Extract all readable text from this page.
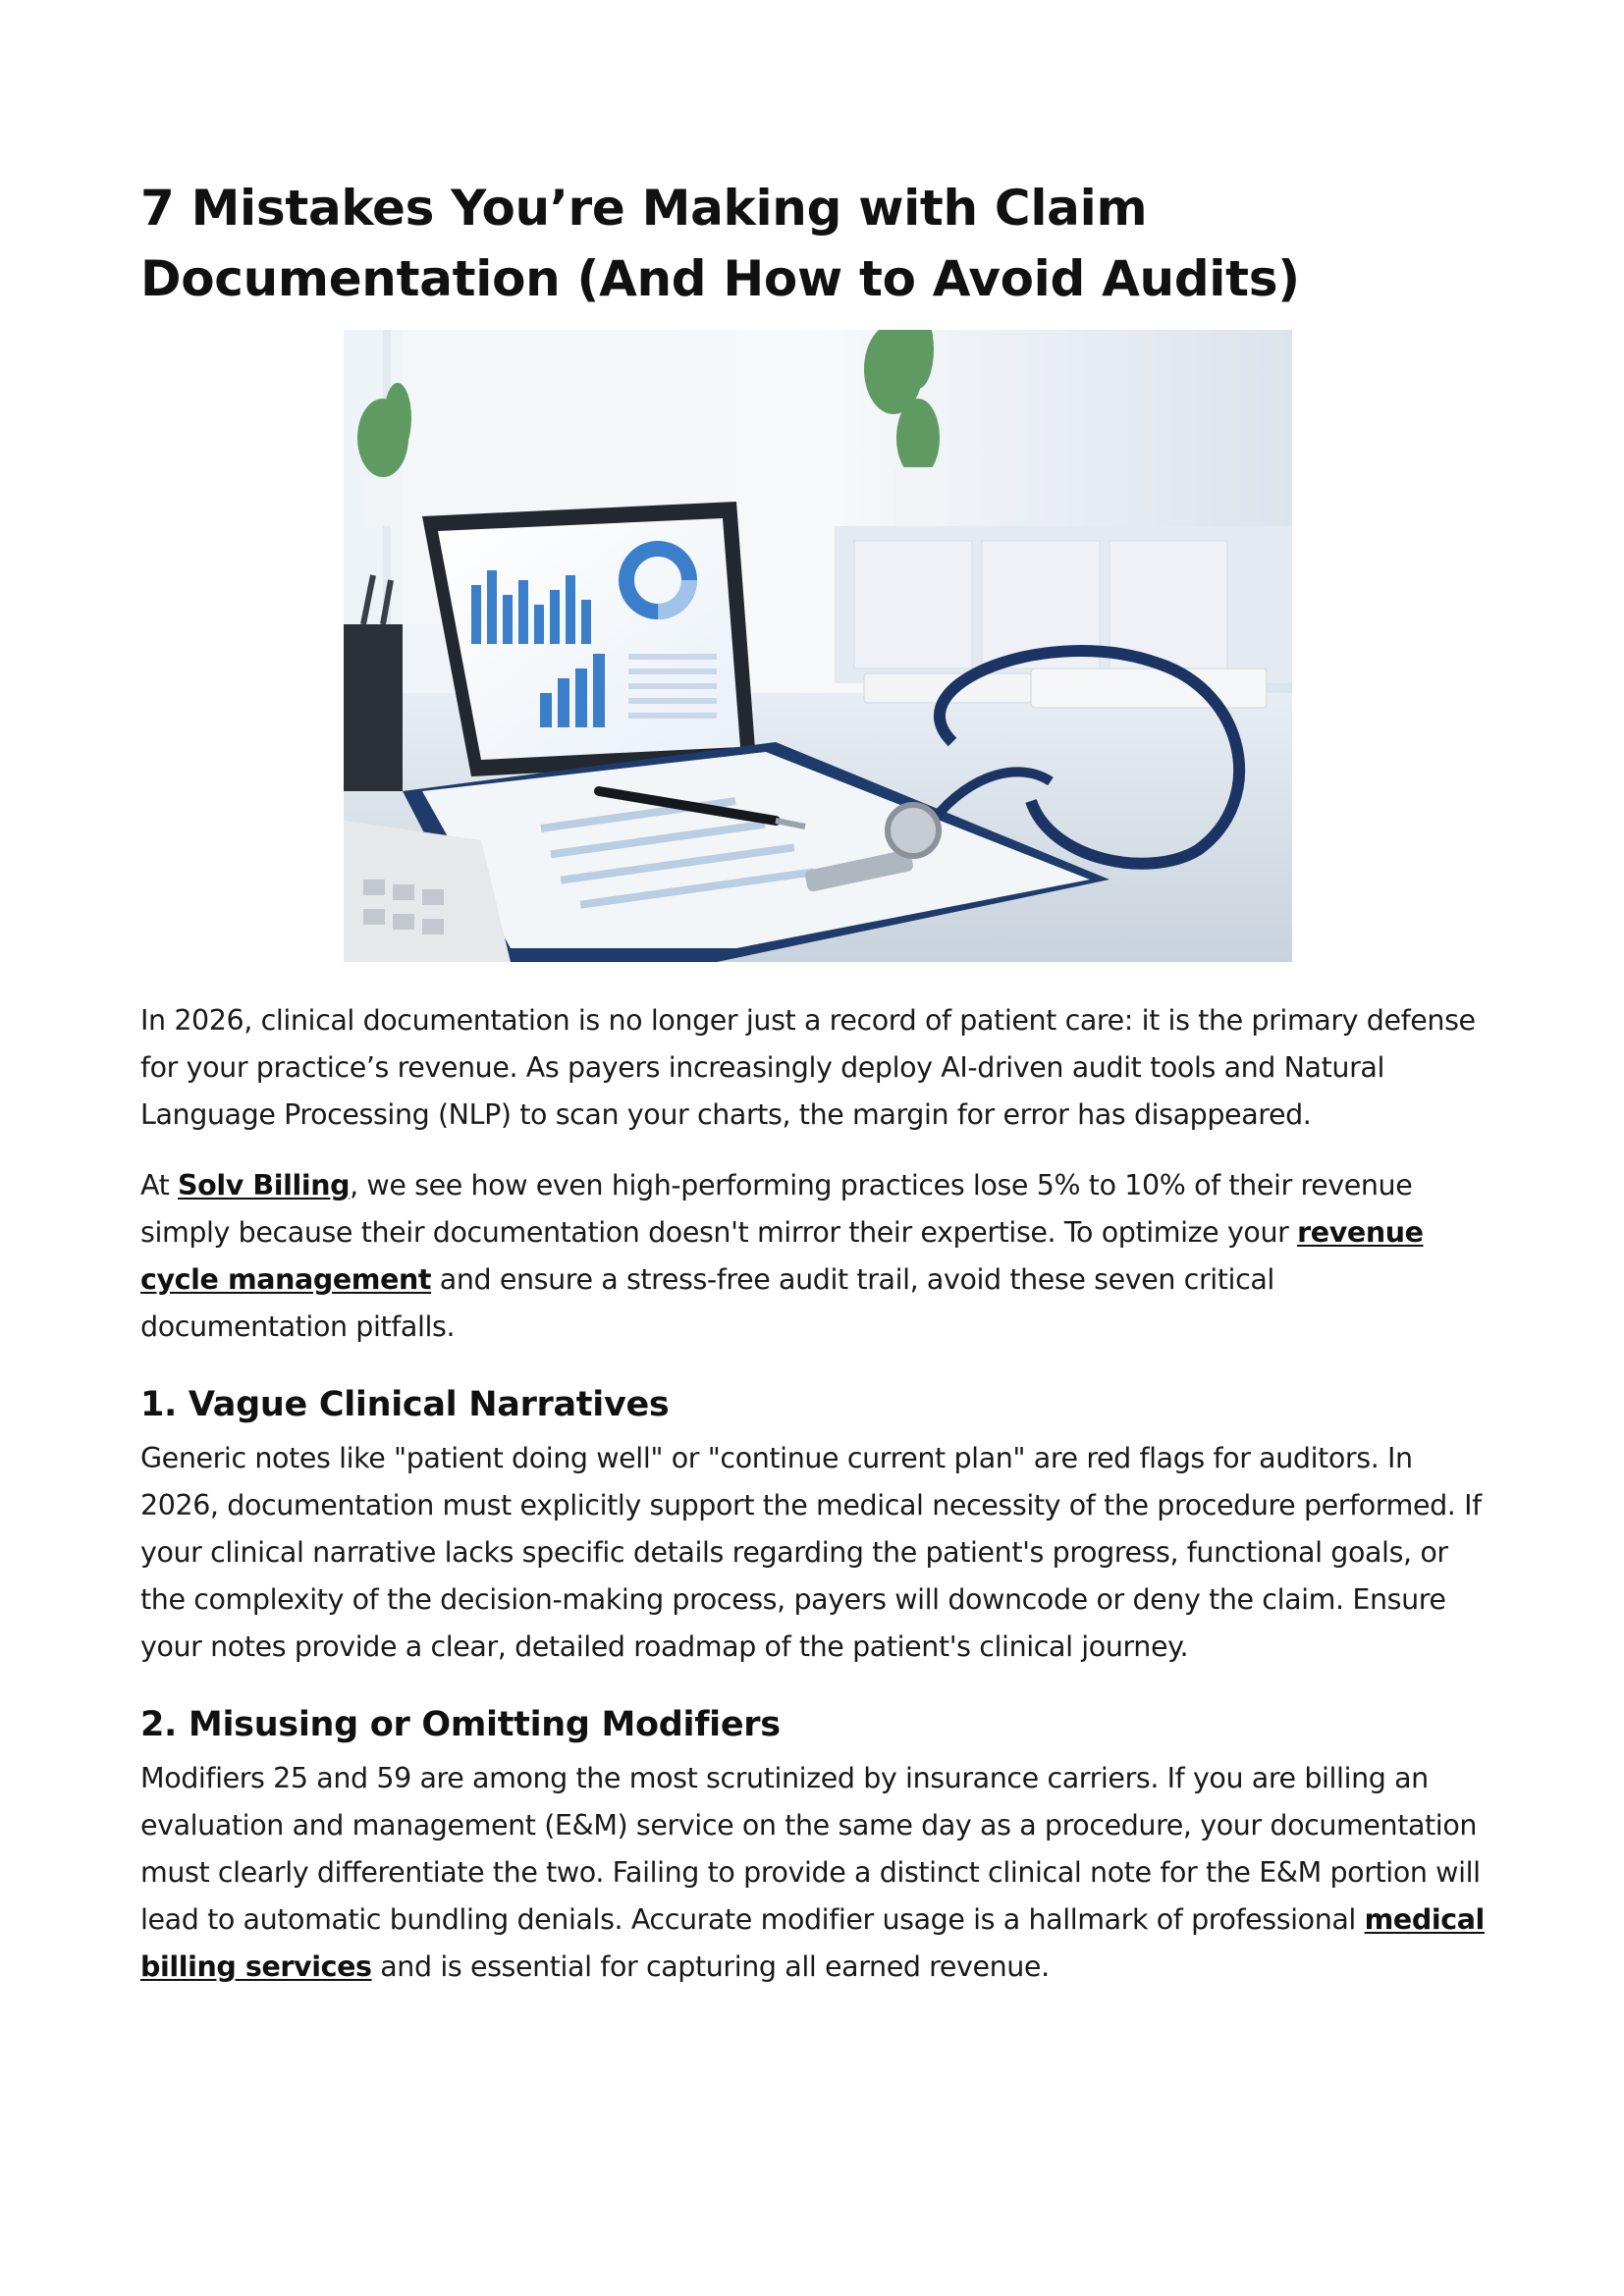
7 Mistakes You’re Making with Claim Documentation (And How to Avoid Audits)

In 2026, clinical documentation is no longer just a record of patient care: it is the primary defense for your practice’s revenue. As payers increasingly deploy AI-driven audit tools and Natural Language Processing (NLP) to scan your charts, the margin for error has disappeared.

At Solv Billing, we see how even high-performing practices lose 5% to 10% of their revenue simply because their documentation doesn't mirror their expertise. To optimize your revenue cycle management and ensure a stress-free audit trail, avoid these seven critical documentation pitfalls.

1. Vague Clinical Narratives

Generic notes like "patient doing well" or "continue current plan" are red flags for auditors. In 2026, documentation must explicitly support the medical necessity of the procedure performed. If your clinical narrative lacks specific details regarding the patient's progress, functional goals, or the complexity of the decision-making process, payers will downcode or deny the claim. Ensure your notes provide a clear, detailed roadmap of the patient's clinical journey.

2. Misusing or Omitting Modifiers

Modifiers 25 and 59 are among the most scrutinized by insurance carriers. If you are billing an evaluation and management (E&M) service on the same day as a procedure, your documentation must clearly differentiate the two. Failing to provide a distinct clinical note for the E&M portion will lead to automatic bundling denials. Accurate modifier usage is a hallmark of professional medical billing services and is essential for capturing all earned revenue.
